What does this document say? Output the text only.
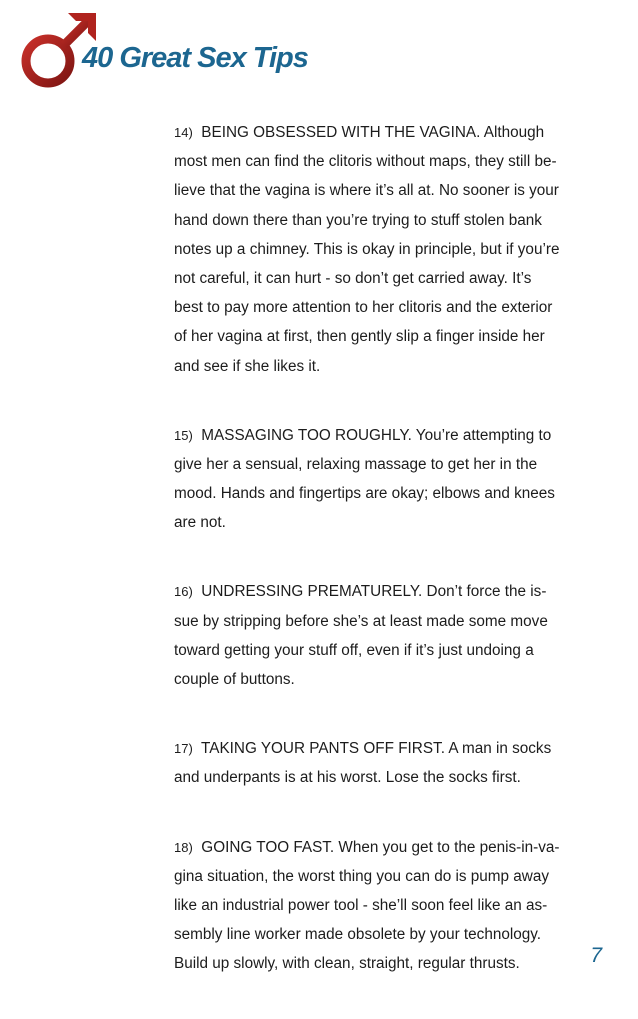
40 Great Sex Tips
14) BEING OBSESSED WITH THE VAGINA. Although
most men can find the clitoris without maps, they still be-
lieve that the vagina is where it’s all at. No sooner is your
hand down there than you’re trying to stuff stolen bank
notes up a chimney. This is okay in principle, but if you’re
not careful, it can hurt - so don’t get carried away. It’s
best to pay more attention to her clitoris and the exterior
of her vagina at first, then gently slip a finger inside her
and see if she likes it.
15) MASSAGING TOO ROUGHLY. You’re attempting to
give her a sensual, relaxing massage to get her in the
mood. Hands and fingertips are okay; elbows and knees
are not.
16) UNDRESSING PREMATURELY. Don’t force the is-
sue by stripping before she’s at least made some move
toward getting your stuff off, even if it’s just undoing a
couple of buttons.
17) TAKING YOUR PANTS OFF FIRST. A man in socks
and underpants is at his worst. Lose the socks first.
18) GOING TOO FAST. When you get to the penis-in-va-
gina situation, the worst thing you can do is pump away
like an industrial power tool - she’ll soon feel like an as-
sembly line worker made obsolete by your technology.
Build up slowly, with clean, straight, regular thrusts.	7
